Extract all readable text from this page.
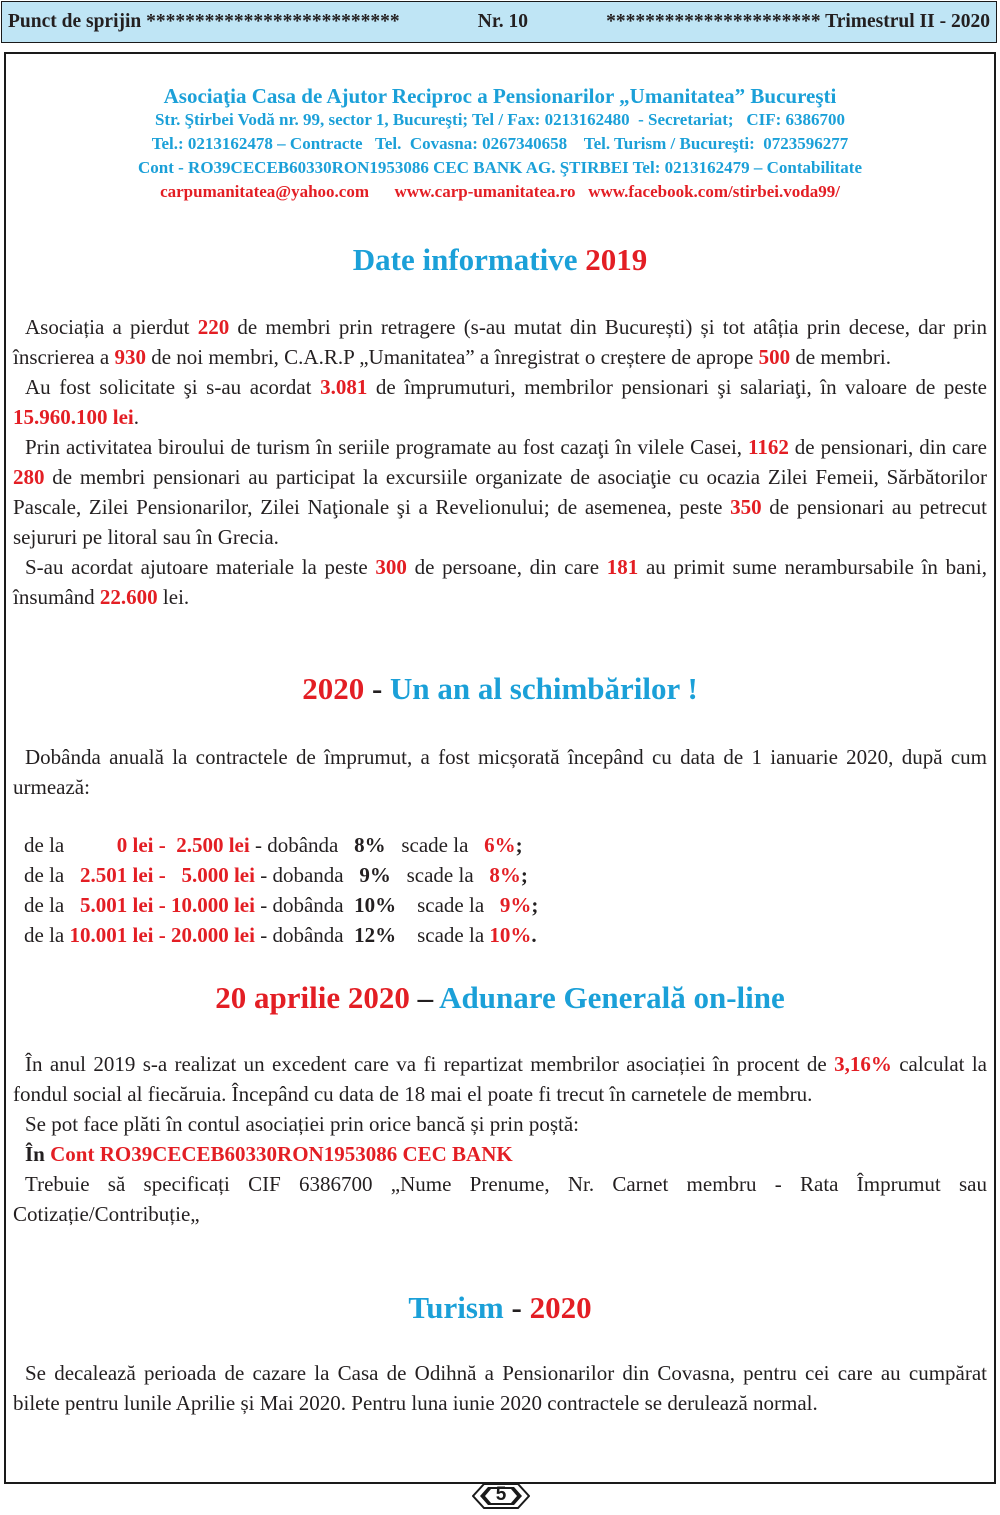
Punct de sprijin **************************	Nr. 10	********************** Trimestrul II - 2020
Asociaţia Casa de Ajutor Reciproc a Pensionarilor „Umanitatea” Bucureşti
Str. Ştirbei Vodă nr. 99, sector 1, Bucureşti; Tel / Fax: 0213162480  - Secretariat;   CIF: 6386700
Tel.: 0213162478 – Contracte   Tel.  Covasna: 0267340658    Tel. Turism / Bucureşti:  0723596277
Cont - RO39CECEB60330RON1953086 CEC BANK AG. ŞTIRBEI Tel: 0213162479 – Contabilitate
carpumanitatea@yahoo.com www.carp-umanitatea.ro www.facebook.com/stirbei.voda99/
Date informative 2019

Asociația a pierdut 220 de membri prin retragere (s-au mutat din București) și tot atâția prin decese, dar prin înscrierea a 930 de noi membri, C.A.R.P „Umanitatea” a înregistrat o creștere de aprope 500 de membri.

Au fost solicitate şi s-au acordat 3.081 de împrumuturi, membrilor pensionari şi salariaţi, în valoare de peste 15.960.100 lei.

Prin activitatea biroului de turism în seriile programate au fost cazaţi în vilele Casei, 1162 de pensionari, din care 280 de membri pensionari au participat la excursiile organizate de asociaţie cu ocazia Zilei Femeii, Sărbătorilor Pascale, Zilei Pensionarilor, Zilei Naţionale şi a Revelionului; de asemenea, peste 350 de pensionari au petrecut sejururi pe litoral sau în Grecia.

S-au acordat ajutoare materiale la peste 300 de persoane, din care 181 au primit sume nerambursabile în bani, însumând 22.600 lei.

2020 - Un an al schimbărilor !

Dobânda anuală la contractele de împrumut, a fost micșorată începând cu data de 1 ianuarie 2020, după cum urmează:

de la	0 lei -  2.500 lei - dobânda 8% scade la 6%;
de la 2.501 lei -   5.000 lei - dobanda 9% scade la 8%;
de la 5.001 lei - 10.000 lei - dobânda 10% scade la 9%;
de la 10.001 lei - 20.000 lei - dobânda 12% scade la 10%.
20 aprilie 2020 – Adunare Generală on-line

În anul 2019 s-a realizat un excedent care va fi repartizat membrilor asociației în procent de 3,16% calculat la fondul social al fiecăruia. Începând cu data de 18 mai el poate fi trecut în carnetele de membru.

Se pot face plăti în contul asociației prin orice bancă și prin poștă:

În Cont RO39CECEB60330RON1953086 CEC BANK

Trebuie să specificați CIF 6386700 „Nume Prenume, Nr. Carnet membru - Rata Împrumut sau Cotizație/Contribuție„

Turism - 2020

Se decalează perioada de cazare la Casa de Odihnă a Pensionarilor din Covasna, pentru cei care au cumpărat bilete pentru lunile Aprilie și Mai 2020. Pentru luna iunie 2020 contractele se derulează normal.

5
